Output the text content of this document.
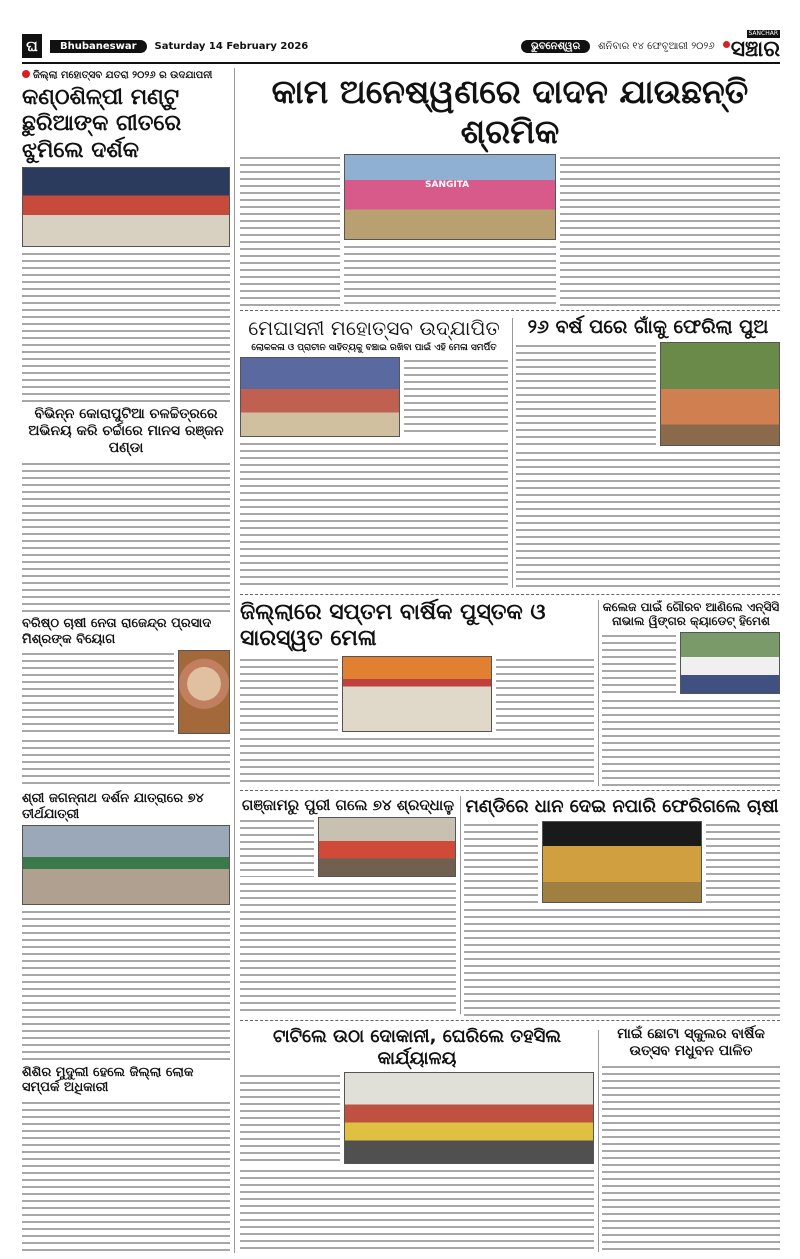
ଘ	Bhubaneswar	Saturday 14 February 2026	ଭୁବନେଶ୍ୱର	ଶନିବାର ୧୪ ଫେବୃଆରୀ ୨୦୨୬
SANCHAR
ସଞ୍ଚାର
ଜିଲ୍ଲା ମହୋତ୍ସବ ଯତରା ୨୦୨୬ ର ଉଦଯାପନୀ
କଣ୍ଠଶିଳ୍ପୀ ମଣ୍ଟୁ ଛୁରିଆଙ୍କ ଗୀତରେ ଝୁମିଲେ ଦର୍ଶକ
ବିଭିନ୍ନ କୋରାପୁଟିଆ ଚଳଚ୍ଚିତ୍ରରେ ଅଭିନୟ କରି ଚର୍ଚ୍ଚାରେ ମାନସ ରଞ୍ଜନ ପଣ୍ଡା
ବରିଷ୍ଠ ଚାଷୀ ନେତା ରାଜେନ୍ଦ୍ର ପ୍ରସାଦ ମିଶ୍ରଙ୍କ ବିୟୋଗ
ଶ୍ରୀ ଜଗନ୍ନାଥ ଦର୍ଶନ ଯାତ୍ରାରେ ୭୪ ତୀର୍ଥଯାତ୍ରୀ
ଶିଶିର ମୁଦୁଲୀ ହେଲେ ଜିଲ୍ଲା ଲୋକ ସମ୍ପର୍କ ଅଧିକାରୀ
କାମ ଅନେଷ୍ୱଣରେ ଦାଦନ ଯାଉଛନ୍ତି ଶ୍ରମିକ
SANGITA
ମେଘାସନୀ ମହୋତ୍ସବ ଉଦ୍‌ଯାପିତ
ଲୋକକଳା ଓ ପ୍ରାଚୀନ ସାହିତ୍ୟକୁ ବଞ୍ଚାଇ ରଖିବା ପାଇଁ ଏହି ମେଳା ସମର୍ପିତ
୨୬ ବର୍ଷ ପରେ ଗାଁକୁ ଫେରିଲା ପୁଅ
ଜିଲ୍ଲାରେ ସପ୍ତମ ବାର୍ଷିକ ପୁସ୍ତକ ଓ ସାରସ୍ୱତ ମେଳା
କଲେଜ ପାଇଁ ଗୌରବ ଆଣିଲେ ଏନ୍‌ସିସି ନାଭାଲ ୱିଙ୍ଗର କ୍ୟାଡେଟ୍ ହିମେଶ
ଗଞ୍ଜାମରୁ ପୁରୀ ଗଲେ ୭୪ ଶ୍ରଦ୍ଧାଳୁ ମଣ୍ଡିରେ ଧାନ ଦେଇ ନପାରି ଫେରିଗଲେ ଚାଷୀ
ଟାଟିଲେ ଉଠା ଦୋକାନୀ, ଘେରିଲେ ତହସିଲ କାର୍ଯ୍ୟାଳୟ
ମାଇଁ ଛୋଟା ସ୍କୁଲର ବାର୍ଷିକ ଉତ୍ସବ ମଧୁବନ ପାଳିତ
